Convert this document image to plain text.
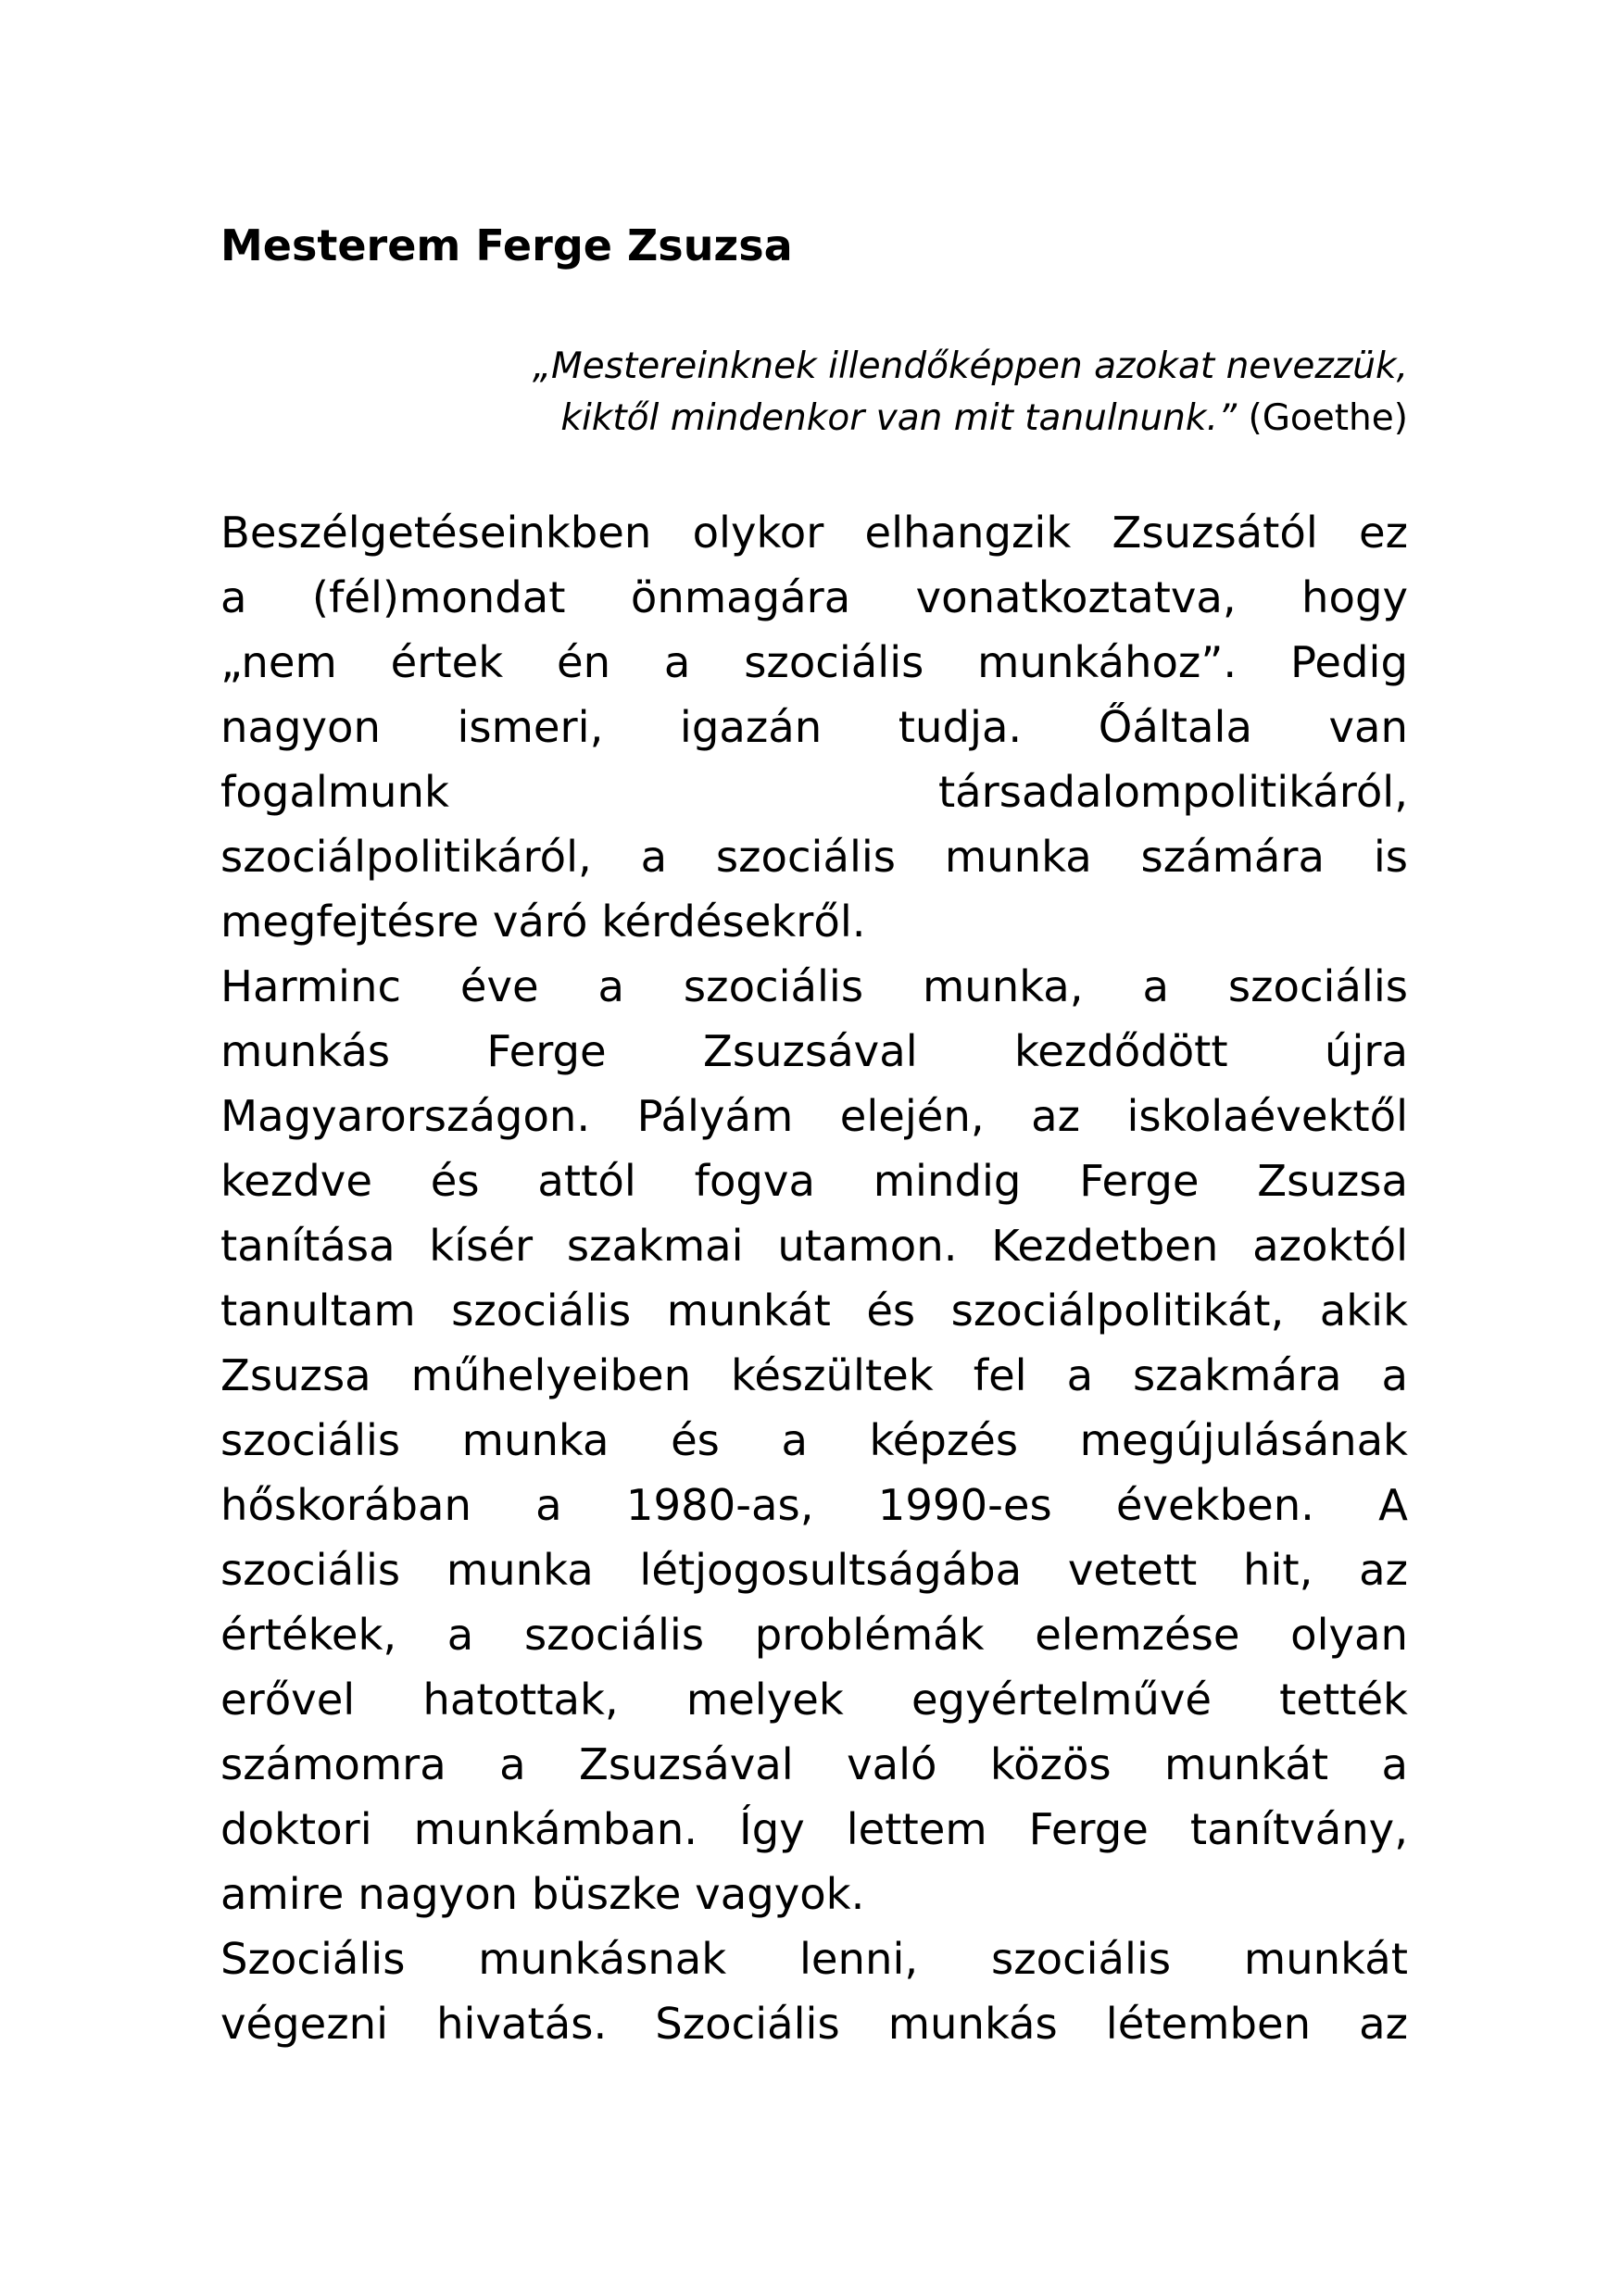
Mesterem Ferge Zsuzsa
„Mestereinknek illendőképpen azokat nevezzük,
kiktől mindenkor van mit tanulnunk.” (Goethe)
Beszélgetéseinkben olykor elhangzik Zsuzsától ez
a (fél)mondat önmagára vonatkoztatva, hogy
„nem értek én a szociális munkához”. Pedig
nagyon ismeri, igazán tudja. Őáltala van
fogalmunk társadalompolitikáról,
szociálpolitikáról, a szociális munka számára is
megfejtésre váró kérdésekről.
Harminc éve a szociális munka, a szociális
munkás Ferge Zsuzsával kezdődött újra
Magyarországon. Pályám elején, az iskolaévektől
kezdve és attól fogva mindig Ferge Zsuzsa
tanítása kísér szakmai utamon. Kezdetben azoktól
tanultam szociális munkát és szociálpolitikát, akik
Zsuzsa műhelyeiben készültek fel a szakmára a
szociális munka és a képzés megújulásának
hőskorában a 1980-as, 1990-es években. A
szociális munka létjogosultságába vetett hit, az
értékek, a szociális problémák elemzése olyan
erővel hatottak, melyek egyértelművé tették
számomra a Zsuzsával való közös munkát a
doktori munkámban. Így lettem Ferge tanítvány,
amire nagyon büszke vagyok.
Szociális munkásnak lenni, szociális munkát
végezni hivatás. Szociális munkás létemben az
